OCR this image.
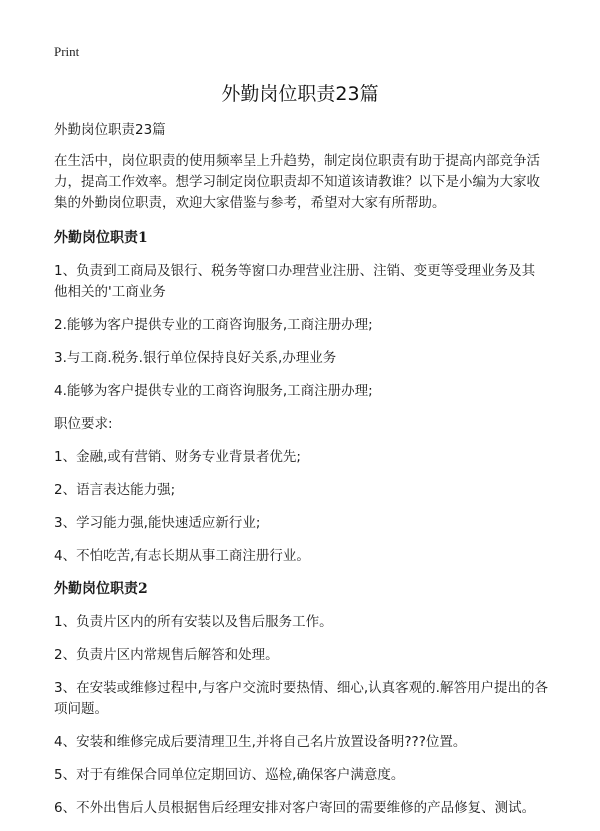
Print
外勤岗位职责23篇

外勤岗位职责23篇

在生活中，岗位职责的使用频率呈上升趋势，制定岗位职责有助于提高内部竞争活力，提高工作效率。想学习制定岗位职责却不知道该请教谁？以下是小编为大家收集的外勤岗位职责，欢迎大家借鉴与参考，希望对大家有所帮助。

外勤岗位职责1

1、负责到工商局及银行、税务等窗口办理营业注册、注销、变更等受理业务及其他相关的'工商业务

2.能够为客户提供专业的工商咨询服务,工商注册办理;

3.与工商.税务.银行单位保持良好关系,办理业务

4.能够为客户提供专业的工商咨询服务,工商注册办理;

职位要求:

1、金融,或有营销、财务专业背景者优先;

2、语言表达能力强;

3、学习能力强,能快速适应新行业;

4、不怕吃苦,有志长期从事工商注册行业。

外勤岗位职责2

1、负责片区内的所有安装以及售后服务工作。

2、负责片区内常规售后解答和处理。

3、在安装或维修过程中,与客户交流时要热情、细心,认真客观的.解答用户提出的各项问题。

4、安装和维修完成后要清理卫生,并将自己名片放置设备明???位置。

5、对于有维保合同单位定期回访、巡检,确保客户满意度。

6、不外出售后人员根据售后经理安排对客户寄回的需要维修的产品修复、测试。
